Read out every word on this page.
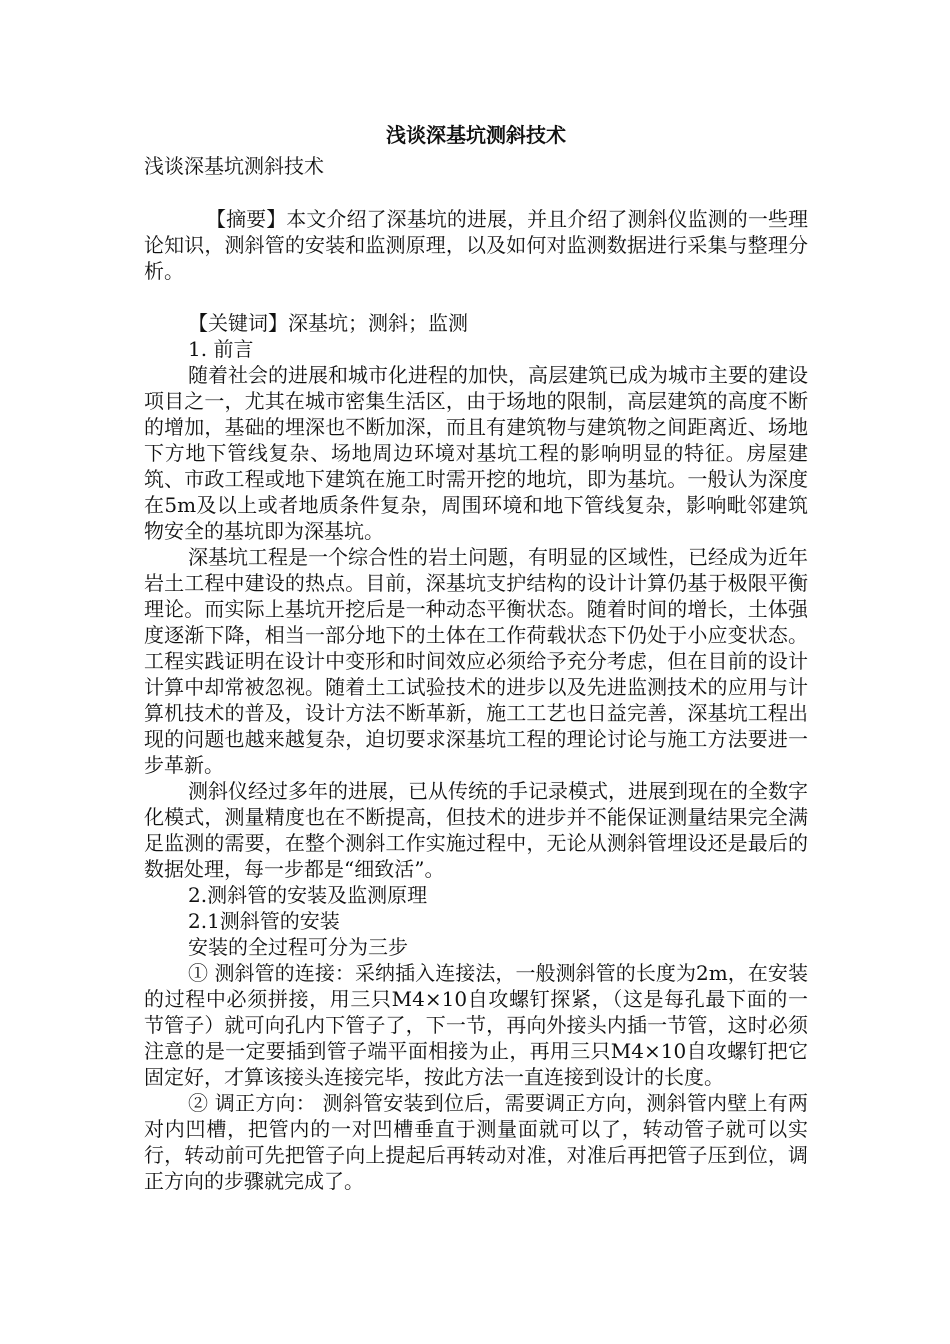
浅谈深基坑测斜技术

浅谈深基坑测斜技术

【摘要】本文介绍了深基坑的进展，并且介绍了测斜仪监测的一些理论知识，测斜管的安装和监测原理，以及如何对监测数据进行采集与整理分析。

【关键词】深基坑；测斜；监测

1. 前言

随着社会的进展和城市化进程的加快，高层建筑已成为城市主要的建设项目之一，尤其在城市密集生活区，由于场地的限制，高层建筑的高度不断的增加，基础的埋深也不断加深，而且有建筑物与建筑物之间距离近、场地下方地下管线复杂、场地周边环境对基坑工程的影响明显的特征。房屋建筑、市政工程或地下建筑在施工时需开挖的地坑，即为基坑。一般认为深度在5m及以上或者地质条件复杂，周围环境和地下管线复杂，影响毗邻建筑物安全的基坑即为深基坑。

深基坑工程是一个综合性的岩土问题，有明显的区域性，已经成为近年岩土工程中建设的热点。目前，深基坑支护结构的设计计算仍基于极限平衡理论。而实际上基坑开挖后是一种动态平衡状态。随着时间的增长，土体强度逐渐下降，相当一部分地下的土体在工作荷载状态下仍处于小应变状态。工程实践证明在设计中变形和时间效应必须给予充分考虑，但在目前的设计计算中却常被忽视。随着土工试验技术的进步以及先进监测技术的应用与计算机技术的普及，设计方法不断革新，施工工艺也日益完善，深基坑工程出现的问题也越来越复杂，迫切要求深基坑工程的理论讨论与施工方法要进一步革新。

测斜仪经过多年的进展，已从传统的手记录模式，进展到现在的全数字化模式，测量精度也在不断提高，但技术的进步并不能保证测量结果完全满足监测的需要，在整个测斜工作实施过程中，无论从测斜管埋设还是最后的数据处理，每一步都是“细致活”。

2.测斜管的安装及监测原理

2.1测斜管的安装

安装的全过程可分为三步

① 测斜管的连接：采纳插入连接法，一般测斜管的长度为2m，在安装的过程中必须拼接，用三只M4×10自攻螺钉探紧，（这是每孔最下面的一节管子）就可向孔内下管子了，下一节，再向外接头内插一节管，这时必须注意的是一定要插到管子端平面相接为止，再用三只M4×10自攻螺钉把它固定好，才算该接头连接完毕，按此方法一直连接到设计的长度。

② 调正方向： 测斜管安装到位后，需要调正方向，测斜管内壁上有两对内凹槽，把管内的一对凹槽垂直于测量面就可以了，转动管子就可以实行，转动前可先把管子向上提起后再转动对准，对准后再把管子压到位，调正方向的步骤就完成了。
